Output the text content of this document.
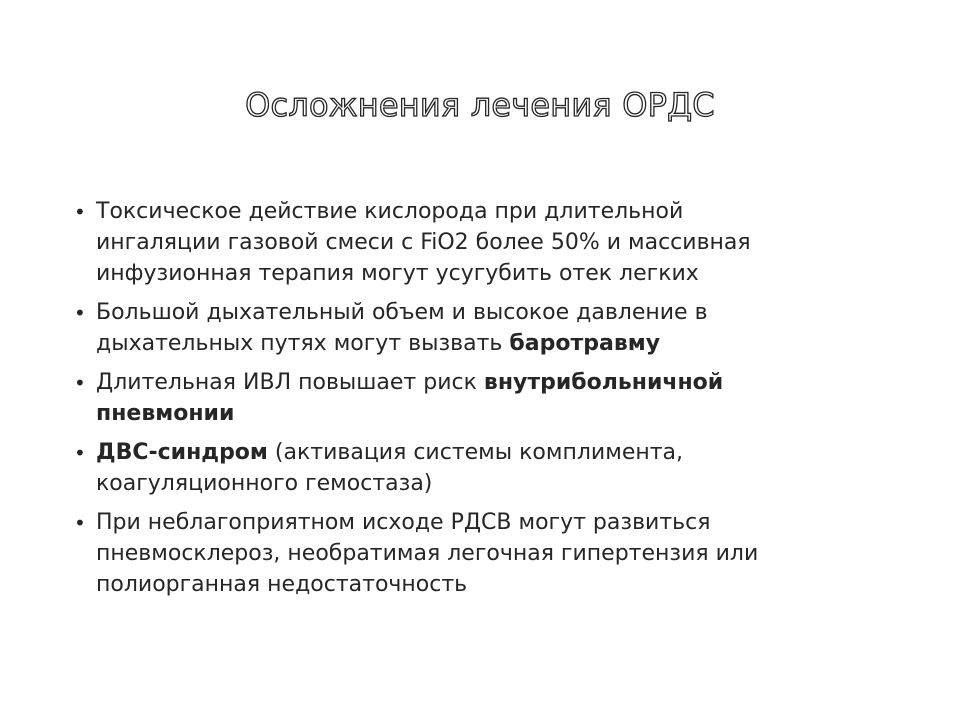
Осложнения лечения ОРДС
• Токсическое действие кислорода при длительной
ингаляции газовой смеси с FiO2 более 50% и массивная
инфузионная терапия могут усугубить отек легких
• Большой дыхательный объем и высокое давление в
дыхательных путях могут вызвать баротравму
• Длительная ИВЛ повышает риск внутрибольничной
пневмонии
• ДВС-синдром (активация системы комплимента,
коагуляционного гемостаза)
• При неблагоприятном исходе РДСВ могут развиться
пневмосклероз, необратимая легочная гипертензия или
полиорганная недостаточность
